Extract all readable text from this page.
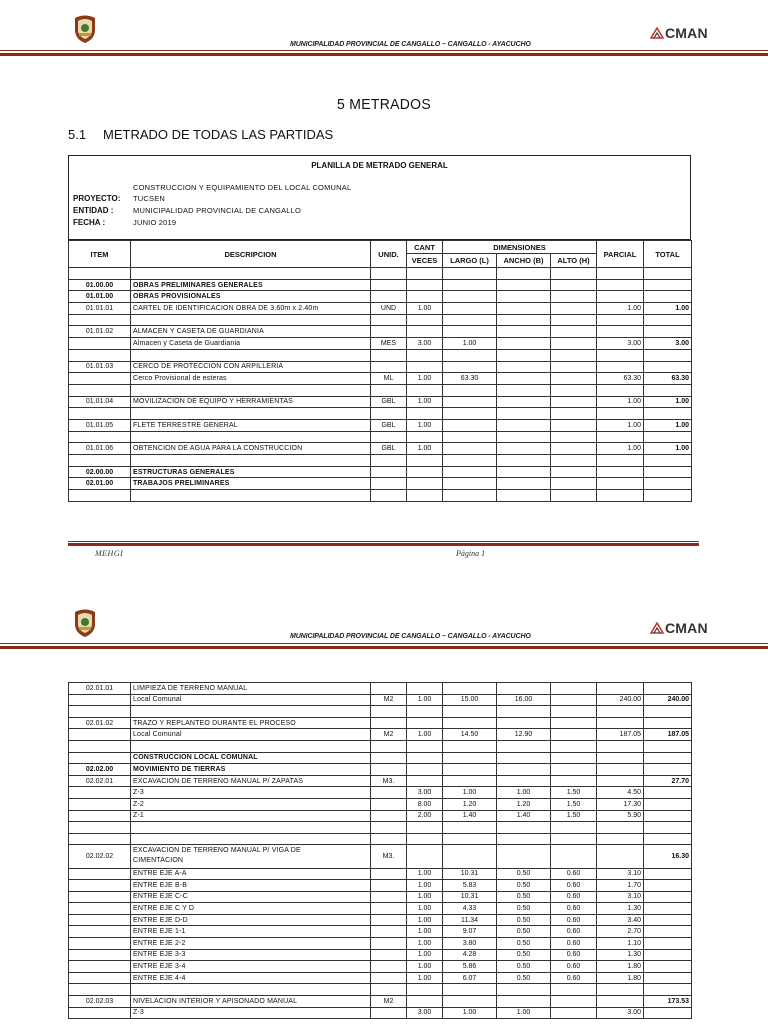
CMAN
MUNICIPALIDAD PROVINCIAL DE CANGALLO – CANGALLO - AYACUCHO
5 METRADOS
5.1 METRADO DE TODAS LAS PARTIDAS
PLANILLA DE METRADO GENERAL
CONSTRUCCION Y EQUIPAMIENTO DEL LOCAL COMUNAL
PROYECTO: TUCSEN
ENTIDAD :	MUNICIPALIDAD PROVINCIAL DE CANGALLO
FECHA :	JUNIO 2019
ITEM	DESCRIPCION	UNID.	CANT	DIMENSIONES			PARCIAL	TOTAL
			VECES	LARGO (L)	ANCHO (B)	ALTO (H)		

01.00.00	OBRAS PRELIMINARES GENERALES							
01.01.00	OBRAS PROVISIONALES							
01.01.01	CARTEL DE IDENTIFICACION OBRA DE 3.60m x 2.40m	UND	1.00				1.00	1.00

01.01.02	ALMACEN Y CASETA DE GUARDIANIA							
	Almacen y Caseta de Guardiania	MES	3.00	1.00			3.00	3.00

01.01.03	CERCO DE PROTECCION CON ARPILLERIA							
	Cerco Provisional de esteras	ML	1.00	63.30			63.30	63.30

01.01.04	MOVILIZACION DE EQUIPO Y HERRAMIENTAS	GBL	1.00				1.00	1.00

01.01.05	FLETE TERRESTRE GENERAL	GBL	1.00				1.00	1.00

01.01.06	OBTENCION DE AGUA PARA LA CONSTRUCCION	GBL	1.00				1.00	1.00

02.00.00	ESTRUCTURAS GENERALES							
02.01.00	TRABAJOS PRELIMINARES							

MEHGI	Página 1
CMAN
MUNICIPALIDAD PROVINCIAL DE CANGALLO – CANGALLO - AYACUCHO
02.01.01	LIMPIEZA DE TERRENO MANUAL							
	Local Comunal	M2	1.00	15.00	16.00		240.00	240.00

02.01.02	TRAZO Y REPLANTEO DURANTE EL PROCESO							
	Local Comunal	M2	1.00	14.50	12.90		187.05	187.05

	CONSTRUCCION LOCAL COMUNAL							
02.02.00	MOVIMIENTO DE TIERRAS							
02.02.01	EXCAVACION DE TERRENO MANUAL P/ ZAPATAS	M3.						27.70
	Z-3		3.00	1.00	1.00	1.50	4.50	
	Z-2		8.00	1.20	1.20	1.50	17.30	
	Z-1		2.00	1.40	1.40	1.50	5.90	

02.02.02	EXCAVACION DE TERRENO MANUAL P/ VIGA DE
CIMENTACION	M3.						16.30
	ENTRE EJE A-A		1.00	10.31	0.50	0.60	3.10	
	ENTRE EJE B-B		1.00	5.83	0.50	0.60	1.70	
	ENTRE EJE C-C		1.00	10.31	0.50	0.60	3.10	
	ENTRE EJE C Y D		1.00	4.33	0.50	0.60	1.30	
	ENTRE EJE D-D		1.00	11.34	0.50	0.60	3.40	
	ENTRE EJE 1-1		1.00	9.07	0.50	0.60	2.70	
	ENTRE EJE 2-2		1.00	3.80	0.50	0.60	1.10	
	ENTRE EJE 3-3		1.00	4.28	0.50	0.60	1.30	
	ENTRE EJE 3-4		1.00	5.86	0.50	0.60	1.80	
	ENTRE EJE 4-4		1.00	6.07	0.50	0.60	1.80	

02.02.03	NIVELACION INTERIOR Y APISONADO MANUAL	M2						173.53
	Z-3		3.00	1.00	1.00		3.00	
